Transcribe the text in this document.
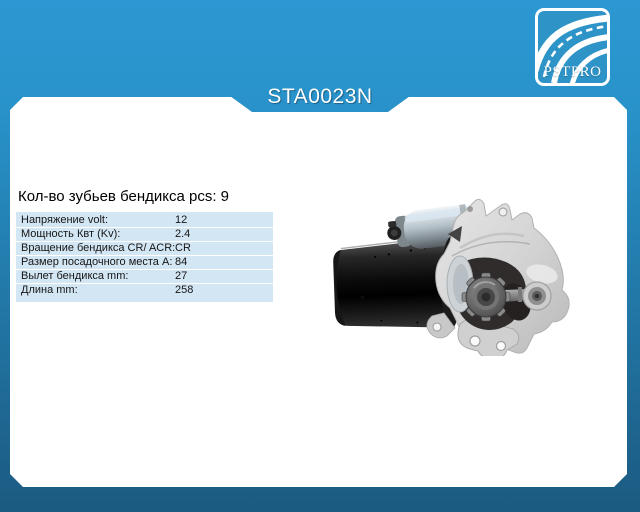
STA0023N
PSTPRO
Кол-во зубьев бендикса pcs: 9
Напряжение volt:	12
Мощность Квт (Kv):	2.4
Вращение бендикса CR/ ACR: CR
Размер посадочного места A: 84
Вылет бендикса mm:	27
Длина mm:	258
